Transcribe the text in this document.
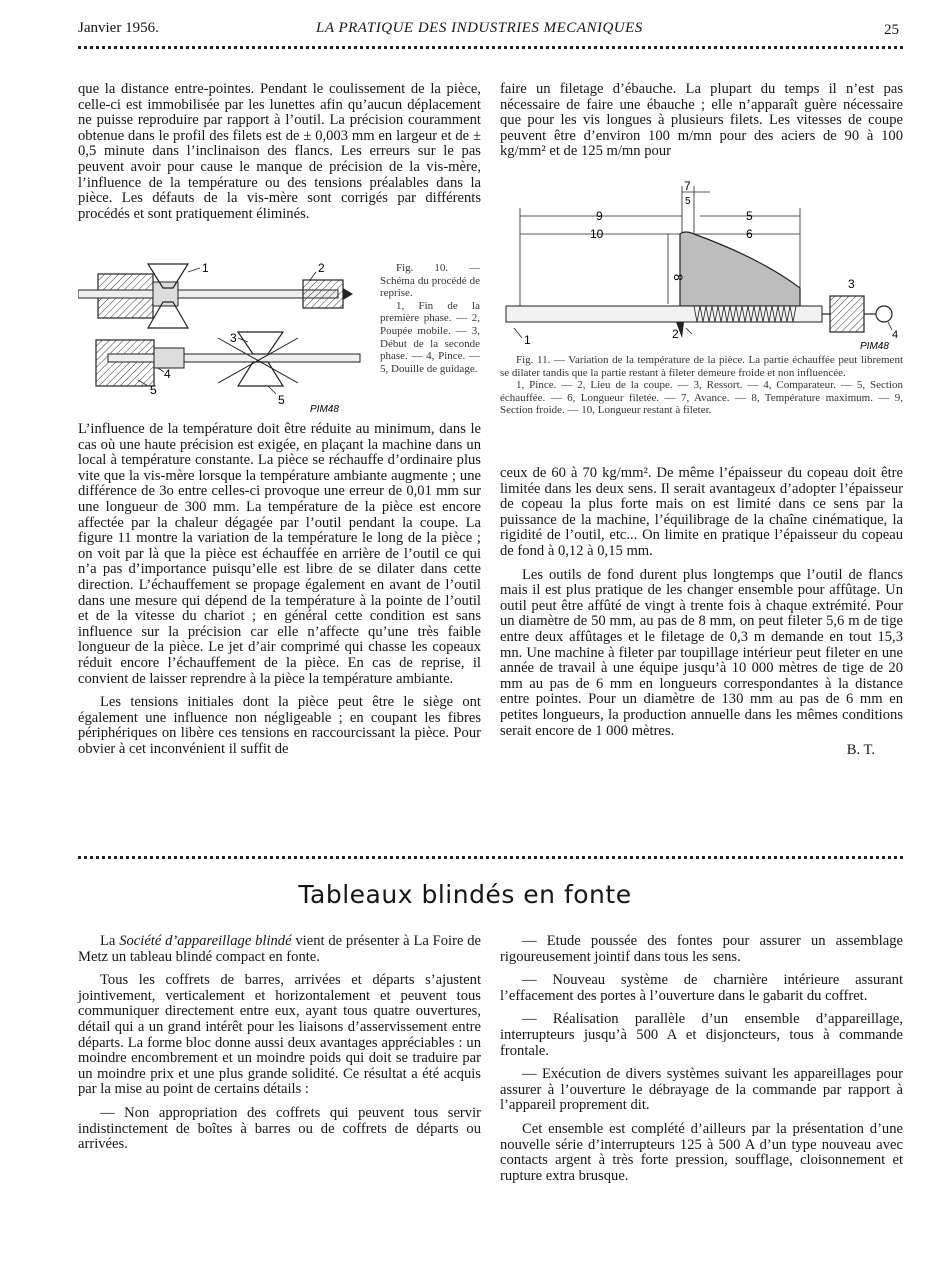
Janvier 1956.	LA PRATIQUE DES INDUSTRIES MECANIQUES	25

que la distance entre-pointes. Pendant le coulissement de la pièce, celle-ci est immobilisée par les lunettes afin qu’aucun déplacement ne puisse reproduire par rapport à l’outil. La précision couramment obtenue dans le profil des filets est de ± 0,003 mm en largeur et de ± 0,5 minute dans l’inclinaison des flancs. Les erreurs sur le pas peuvent avoir pour cause le manque de précision de la vis-mère, l’influence de la température ou des tensions préalables dans la pièce. Les défauts de la vis-mère sont corrigés par différents procédés et sont pratiquement éliminés.

1	2
3
4
5
5
PIM48

Fig. 10. — Schéma du procédé de reprise.

1, Fin de la première phase. — 2, Poupée mobile. — 3, Début de la seconde phase. — 4, Pince. — 5, Douille de guidage.

L’influence de la température doit être réduite au minimum, dans le cas où une haute précision est exigée, en plaçant la machine dans un local à température constante. La pièce se réchauffe d’ordinaire plus vite que la vis-mère lorsque la température ambiante augmente ; une différence de 3o entre celles-ci provoque une erreur de 0,01 mm sur une longueur de 300 mm. La température de la pièce est encore affectée par la chaleur dégagée par l’outil pendant la coupe. La figure 11 montre la variation de la température le long de la pièce ; on voit par là que la pièce est échauffée en arrière de l’outil ce qui n’a pas d’importance puisqu’elle est libre de se dilater dans cette direction. L’échauffement se propage également en avant de l’outil dans une mesure qui dépend de la température à la pointe de l’outil et de la vitesse du chariot ; en général cette condition est sans influence sur la précision car elle n’affecte qu’une très faible longueur de la pièce. Le jet d’air comprimé qui chasse les copeaux réduit encore l’échauffement de la pièce. En cas de reprise, il convient de laisser reprendre à la pièce la température ambiante.

Les tensions initiales dont la pièce peut être le siège ont également une influence non négligeable ; en coupant les fibres périphériques on libère ces tensions en raccourcissant la pièce. Pour obvier à cet inconvénient il suffit de

faire un filetage d’ébauche. La plupart du temps il n’est pas nécessaire de faire une ébauche ; elle n’apparaît guère nécessaire que pour les vis longues à plusieurs filets. Les vitesses de coupe peuvent être d’environ 100 m/mn pour des aciers de 90 à 100 kg/mm² et de 125 m/mn pour

7
5
9	5
10	6
8
1	2
3
4
PIM48

Fig. 11. — Variation de la température de la pièce. La partie échauffée peut librement se dilater tandis que la partie restant à fileter demeure froide et non influencée.

1, Pince. — 2, Lieu de la coupe. — 3, Ressort. — 4, Comparateur. — 5, Section échauffée. — 6, Longueur filetée. — 7, Avance. — 8, Température maximum. — 9, Section froide. — 10, Longueur restant à fileter.

ceux de 60 à 70 kg/mm². De même l’épaisseur du copeau doit être limitée dans les deux sens. Il serait avantageux d’adopter l’épaisseur de copeau la plus forte mais on est limité dans ce sens par la puissance de la machine, l’équilibrage de la chaîne cinématique, la rigidité de l’outil, etc... On limite en pratique l’épaisseur du copeau de fond à 0,12 à 0,15 mm.

Les outils de fond durent plus longtemps que l’outil de flancs mais il est plus pratique de les changer ensemble pour affûtage. Un outil peut être affûté de vingt à trente fois à chaque extrémité. Pour un diamètre de 50 mm, au pas de 8 mm, on peut fileter 5,6 m de tige entre deux affûtages et le filetage de 0,3 m demande en tout 15,3 mn. Une machine à fileter par toupillage intérieur peut fileter en une année de travail à une équipe jusqu’à 10 000 mètres de tige de 20 mm au pas de 6 mm en longueurs correspondantes à la distance entre pointes. Pour un diamètre de 130 mm au pas de 6 mm en petites longueurs, la production annuelle dans les mêmes conditions serait encore de 1 000 mètres.

B. T.

Tableaux blindés en fonte

La Société d’appareillage blindé vient de présenter à La Foire de Metz un tableau blindé compact en fonte.

Tous les coffrets de barres, arrivées et départs s’ajustent jointivement, verticalement et horizontalement et peuvent tous communiquer directement entre eux, ayant tous quatre ouvertures, détail qui a un grand intérêt pour les liaisons d’asservissement entre départs. La forme bloc donne aussi deux avantages appréciables : un moindre encombrement et un moindre poids qui doit se traduire par un moindre prix et une plus grande solidité. Ce résultat a été acquis par la mise au point de certains détails :

— Non appropriation des coffrets qui peuvent tous servir indistinctement de boîtes à barres ou de coffrets de départs ou arrivées.

— Etude poussée des fontes pour assurer un assemblage rigoureusement jointif dans tous les sens.

— Nouveau système de charnière intérieure assurant l’effacement des portes à l’ouverture dans le gabarit du coffret.

— Réalisation parallèle d’un ensemble d’appareillage, interrupteurs jusqu’à 500 A et disjoncteurs, tous à commande frontale.

— Exécution de divers systèmes suivant les appareillages pour assurer à l’ouverture le débrayage de la commande par rapport à l’appareil proprement dit.

Cet ensemble est complété d’ailleurs par la présentation d’une nouvelle série d’interrupteurs 125 à 500 A d’un type nouveau avec contacts argent à très forte pression, soufflage, cloisonnement et rupture extra brusque.
